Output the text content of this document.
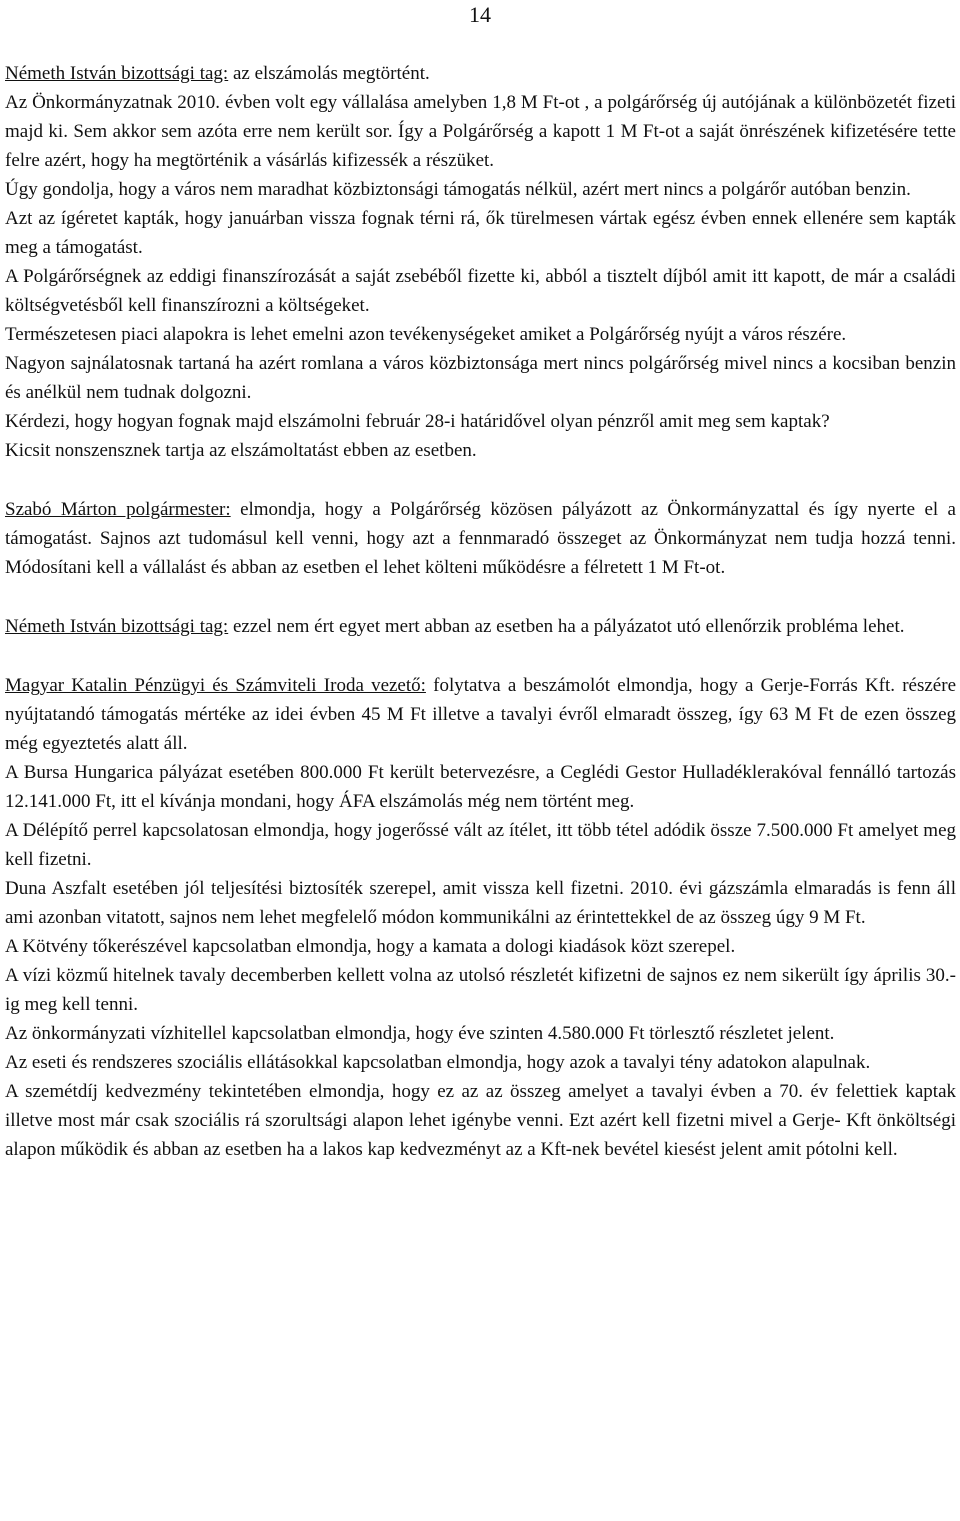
14

Németh István bizottsági tag: az elszámolás megtörtént.

Az Önkormányzatnak 2010. évben volt egy vállalása amelyben 1,8 M Ft-ot , a polgárőrség új autójának a különbözetét fizeti majd ki. Sem akkor sem azóta erre nem került sor. Így a Polgárőrség a kapott 1 M Ft-ot a saját önrészének kifizetésére tette felre azért, hogy ha megtörténik a vásárlás kifizessék a részüket.

Úgy gondolja, hogy a város nem maradhat közbiztonsági támogatás nélkül, azért mert nincs a polgárőr autóban benzin.

Azt az ígéretet kapták, hogy januárban vissza fognak térni rá, ők türelmesen vártak egész évben ennek ellenére sem kapták meg a támogatást.

A Polgárőrségnek az eddigi finanszírozását a saját zsebéből fizette ki, abból a tisztelt díjból amit itt kapott, de már a családi költségvetésből kell finanszírozni a költségeket.

Természetesen piaci alapokra is lehet emelni azon tevékenységeket amiket a Polgárőrség nyújt a város részére.

Nagyon sajnálatosnak tartaná ha azért romlana a város közbiztonsága mert nincs polgárőrség mivel nincs a kocsiban benzin és anélkül nem tudnak dolgozni.

Kérdezi, hogy hogyan fognak majd elszámolni február 28-i határidővel olyan pénzről amit meg sem kaptak?

Kicsit nonszensznek tartja az elszámoltatást ebben az esetben.

Szabó Márton polgármester: elmondja, hogy a Polgárőrség közösen pályázott az Önkormányzattal és így nyerte el a támogatást. Sajnos azt tudomásul kell venni, hogy azt a fennmaradó összeget az Önkormányzat nem tudja hozzá tenni. Módosítani kell a vállalást és abban az esetben el lehet költeni működésre a félretett 1 M Ft-ot.

Németh István bizottsági tag: ezzel nem ért egyet mert abban az esetben ha a pályázatot utó ellenőrzik probléma lehet.

Magyar Katalin Pénzügyi és Számviteli Iroda vezető: folytatva a beszámolót elmondja, hogy a Gerje-Forrás Kft. részére nyújtatandó támogatás mértéke az idei évben 45 M Ft illetve a tavalyi évről elmaradt összeg, így 63 M Ft de ezen összeg még egyeztetés alatt áll.

A Bursa Hungarica pályázat esetében 800.000 Ft került betervezésre, a Ceglédi Gestor Hulladéklerakóval fennálló tartozás 12.141.000 Ft, itt el kívánja mondani, hogy ÁFA elszámolás még nem történt meg.

A Délépítő perrel kapcsolatosan elmondja, hogy jogerőssé vált az ítélet, itt több tétel adódik össze 7.500.000 Ft amelyet meg kell fizetni.

Duna Aszfalt esetében jól teljesítési biztosíték szerepel, amit vissza kell fizetni. 2010. évi gázszámla elmaradás is fenn áll ami azonban vitatott, sajnos nem lehet megfelelő módon kommunikálni az érintettekkel de az összeg úgy 9 M Ft.

A Kötvény tőkerészével kapcsolatban elmondja, hogy a kamata a dologi kiadások közt szerepel.

A vízi közmű hitelnek tavaly decemberben kellett volna az utolsó részletét kifizetni de sajnos ez nem sikerült így április 30.-ig meg kell tenni.

Az önkormányzati vízhitellel kapcsolatban elmondja, hogy éve szinten 4.580.000 Ft törlesztő részletet jelent.

Az eseti és rendszeres szociális ellátásokkal kapcsolatban elmondja, hogy azok a tavalyi tény adatokon alapulnak.

A szemétdíj kedvezmény tekintetében elmondja, hogy ez az az összeg amelyet a tavalyi évben a 70. év felettiek kaptak illetve most már csak szociális rá szorultsági alapon lehet igénybe venni. Ezt azért kell fizetni mivel a Gerje- Kft önköltségi alapon működik és abban az esetben ha a lakos kap kedvezményt az a Kft-nek bevétel kiesést jelent amit pótolni kell.
